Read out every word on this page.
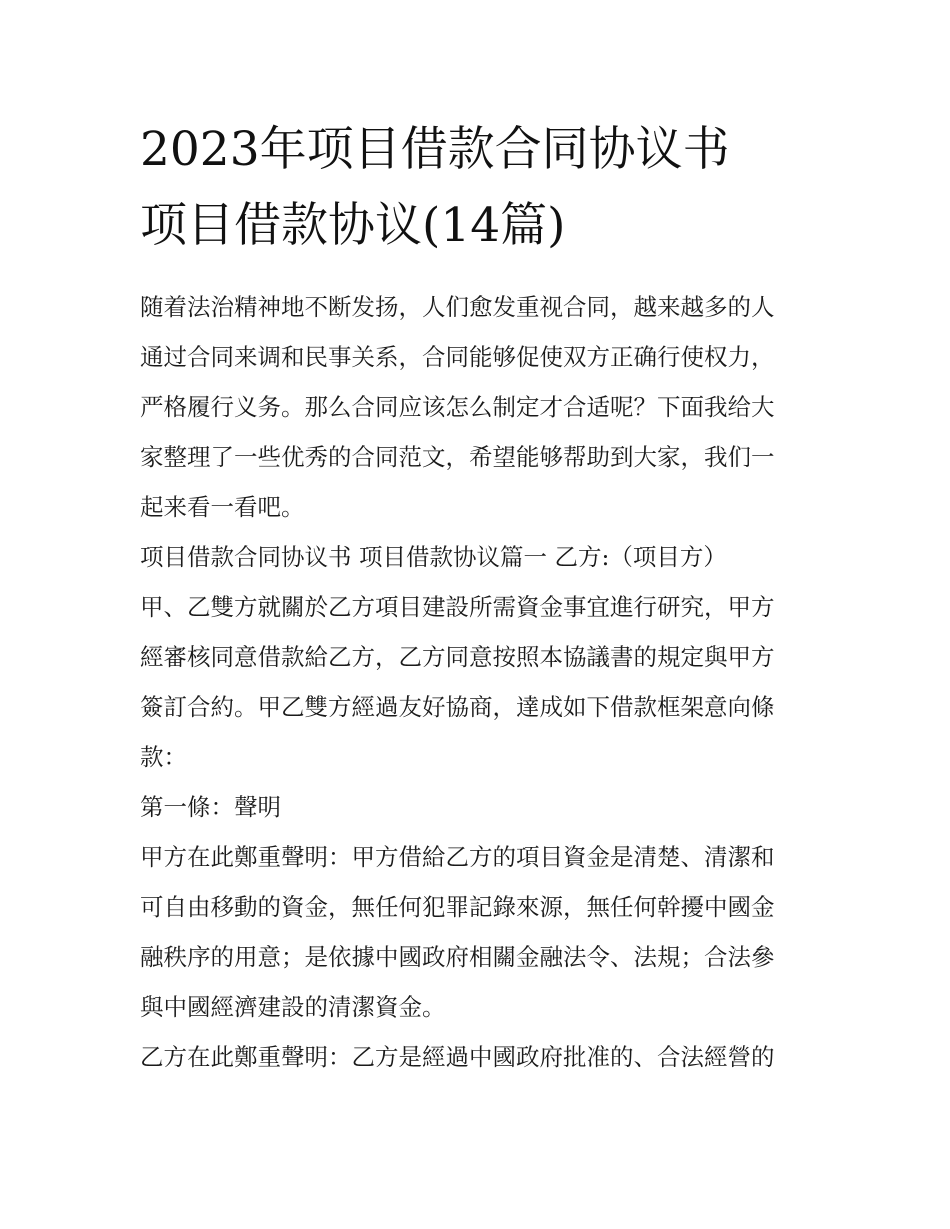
2023年项目借款合同协议书
项目借款协议(14篇)

随着法治精神地不断发扬，人们愈发重视合同，越来越多的人
通过合同来调和民事关系，合同能够促使双方正确行使权力，
严格履行义务。那么合同应该怎么制定才合适呢？下面我给大
家整理了一些优秀的合同范文，希望能够帮助到大家，我们一
起来看一看吧。

项目借款合同协议书 项目借款协议篇一 乙方:（项目方）

甲、乙雙方就關於乙方項目建設所需資金事宜進行研究，甲方
經審核同意借款給乙方，乙方同意按照本協議書的規定與甲方
簽訂合約。甲乙雙方經過友好協商，達成如下借款框架意向條
款：

第一條：聲明

甲方在此鄭重聲明：甲方借給乙方的項目資金是清楚、清潔和
可自由移動的資金，無任何犯罪記錄來源，無任何幹擾中國金
融秩序的用意；是依據中國政府相關金融法令、法規；合法參
與中國經濟建設的清潔資金。

乙方在此鄭重聲明：乙方是經過中國政府批准的、合法經營的
